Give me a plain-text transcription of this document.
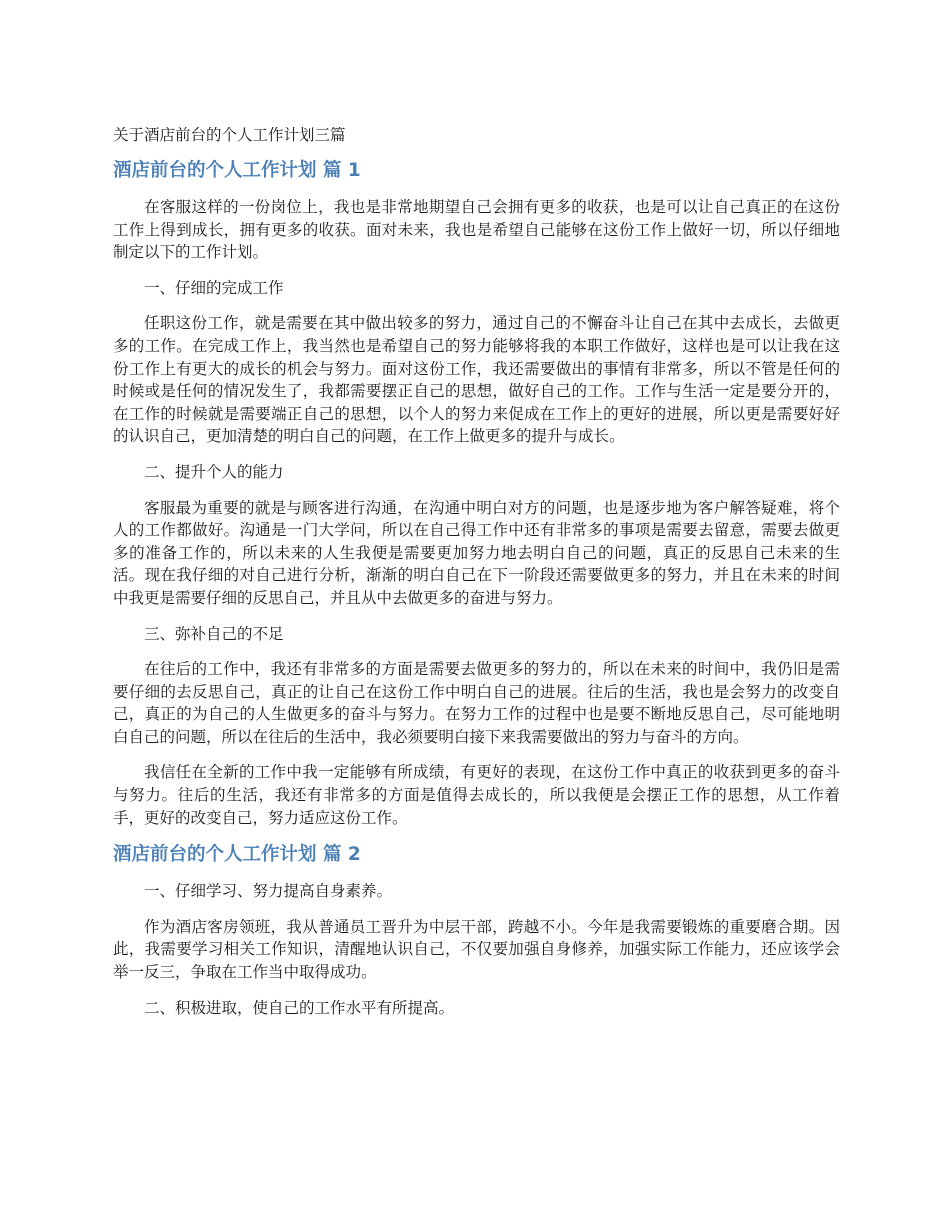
关于酒店前台的个人工作计划三篇

酒店前台的个人工作计划 篇 1

在客服这样的一份岗位上，我也是非常地期望自己会拥有更多的收获，也是可以让自己真正的在这份工作上得到成长，拥有更多的收获。面对未来，我也是希望自己能够在这份工作上做好一切，所以仔细地制定以下的工作计划。

一、仔细的完成工作

任职这份工作，就是需要在其中做出较多的努力，通过自己的不懈奋斗让自己在其中去成长，去做更多的工作。在完成工作上，我当然也是希望自己的努力能够将我的本职工作做好，这样也是可以让我在这份工作上有更大的成长的机会与努力。面对这份工作，我还需要做出的事情有非常多，所以不管是任何的时候或是任何的情况发生了，我都需要摆正自己的思想，做好自己的工作。工作与生活一定是要分开的，在工作的时候就是需要端正自己的思想，以个人的努力来促成在工作上的更好的进展，所以更是需要好好的认识自己，更加清楚的明白自己的问题，在工作上做更多的提升与成长。

二、提升个人的能力

客服最为重要的就是与顾客进行沟通，在沟通中明白对方的问题，也是逐步地为客户解答疑难，将个人的工作都做好。沟通是一门大学问，所以在自己得工作中还有非常多的事项是需要去留意，需要去做更多的准备工作的，所以未来的人生我便是需要更加努力地去明白自己的问题，真正的反思自己未来的生活。现在我仔细的对自己进行分析，渐渐的明白自己在下一阶段还需要做更多的努力，并且在未来的时间中我更是需要仔细的反思自己，并且从中去做更多的奋进与努力。

三、弥补自己的不足

在往后的工作中，我还有非常多的方面是需要去做更多的努力的，所以在未来的时间中，我仍旧是需要仔细的去反思自己，真正的让自己在这份工作中明白自己的进展。往后的生活，我也是会努力的改变自己，真正的为自己的人生做更多的奋斗与努力。在努力工作的过程中也是要不断地反思自己，尽可能地明白自己的问题，所以在往后的生活中，我必须要明白接下来我需要做出的努力与奋斗的方向。

我信任在全新的工作中我一定能够有所成绩，有更好的表现，在这份工作中真正的收获到更多的奋斗与努力。往后的生活，我还有非常多的方面是值得去成长的，所以我便是会摆正工作的思想，从工作着手，更好的改变自己，努力适应这份工作。

酒店前台的个人工作计划 篇 2

一、仔细学习、努力提高自身素养。

作为酒店客房领班，我从普通员工晋升为中层干部，跨越不小。今年是我需要锻炼的重要磨合期。因此，我需要学习相关工作知识，清醒地认识自己，不仅要加强自身修养，加强实际工作能力，还应该学会举一反三，争取在工作当中取得成功。

二、积极进取，使自己的工作水平有所提高。
